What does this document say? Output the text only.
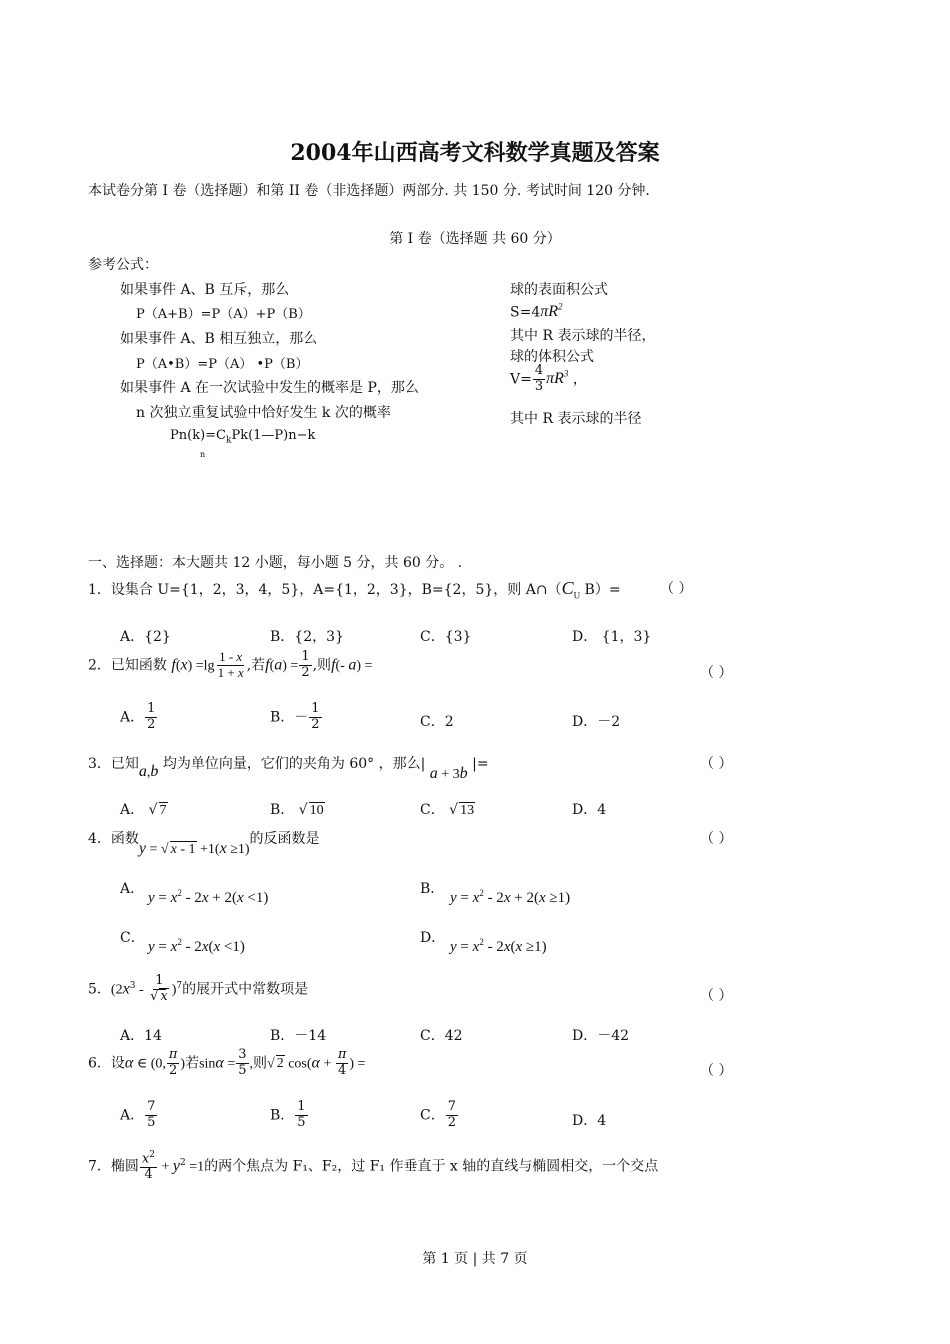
2004年山西高考文科数学真题及答案
本试卷分第 I 卷（选择题）和第 II 卷（非选择题）两部分. 共 150 分. 考试时间 120 分钟.
第 I 卷（选择题 共 60 分）
参考公式：
如果事件 A、B 互斥，那么
P（A+B）=P（A）+P（B）
如果事件 A、B 相互独立，那么
P（A•B）=P（A） •P（B）
如果事件 A 在一次试验中发生的概率是 P，那么
n 次独立重复试验中恰好发生 k 次的概率
$Pn(k)=C_kPk(1—P)n-k$
n
球的表面积公式
$S=4\pi R^2$
其中 R 表示球的半径，
球的体积公式
$V= \frac{4}{3} \pi R^3$ ，
其中 R 表示球的半径
一、选择题：本大题共 12 小题，每小题 5 分，共 60 分。 .
1．设集合 U={1，2，3，4，5}，A={1，2，3}，B={2，5}，则 $A\cap(C_U$ B）=	（ ）
A．{2}	B．{2，3}	C．{3}	D． {1，3}
2．已知函数 $f(x) =\lg \frac{1 - x}{1 + x}$ ,若$f(a) = \frac{1}{2}$ ,则f(- a) =	（ ）
A． $\frac{1}{2}$	B．－ $\frac{1}{2}$	C．2	D．－2
3．已知a,b 均为单位向量，它们的夹角为 60° ，那么| a + 3b |=	（ ）
A． √ 7	B． √ 10	C． √ 13	D．4
4．函数y = √ x - 1 +1(x ≥1)的反函数是	（ ）
A．
$y = x^2 - 2x + 2(x <1)$
B．
$y = x^2 - 2x + 2(x \ge 1)$
C．
$y = x^2 - 2x(x <1)$
D．
$y = x^2 - 2x(x \ge 1)$
5．$(2x^3 - \frac{1}{√ x} )^7$的展开式中常数项是	（ ）
A．14	B．－14	C．42	D．－42
6．设α ∈ (0, $\frac{\pi}{2}$ )若$\sin\alpha = \frac{3}{5}$ ,则√ 2 $\cos(\alpha + \frac{\pi}{4}$ ) =	（ ）
A． $\frac{7}{5}$	B． $\frac{1}{5}$	C． $\frac{7}{2}$	D．4
7．椭圆 $\frac{x^2}{4} + y^2 =1$的两个焦点为 F₁、F₂，过 F₁ 作垂直于 x 轴的直线与椭圆相交，一个交点
第 1 页 | 共 7 页
